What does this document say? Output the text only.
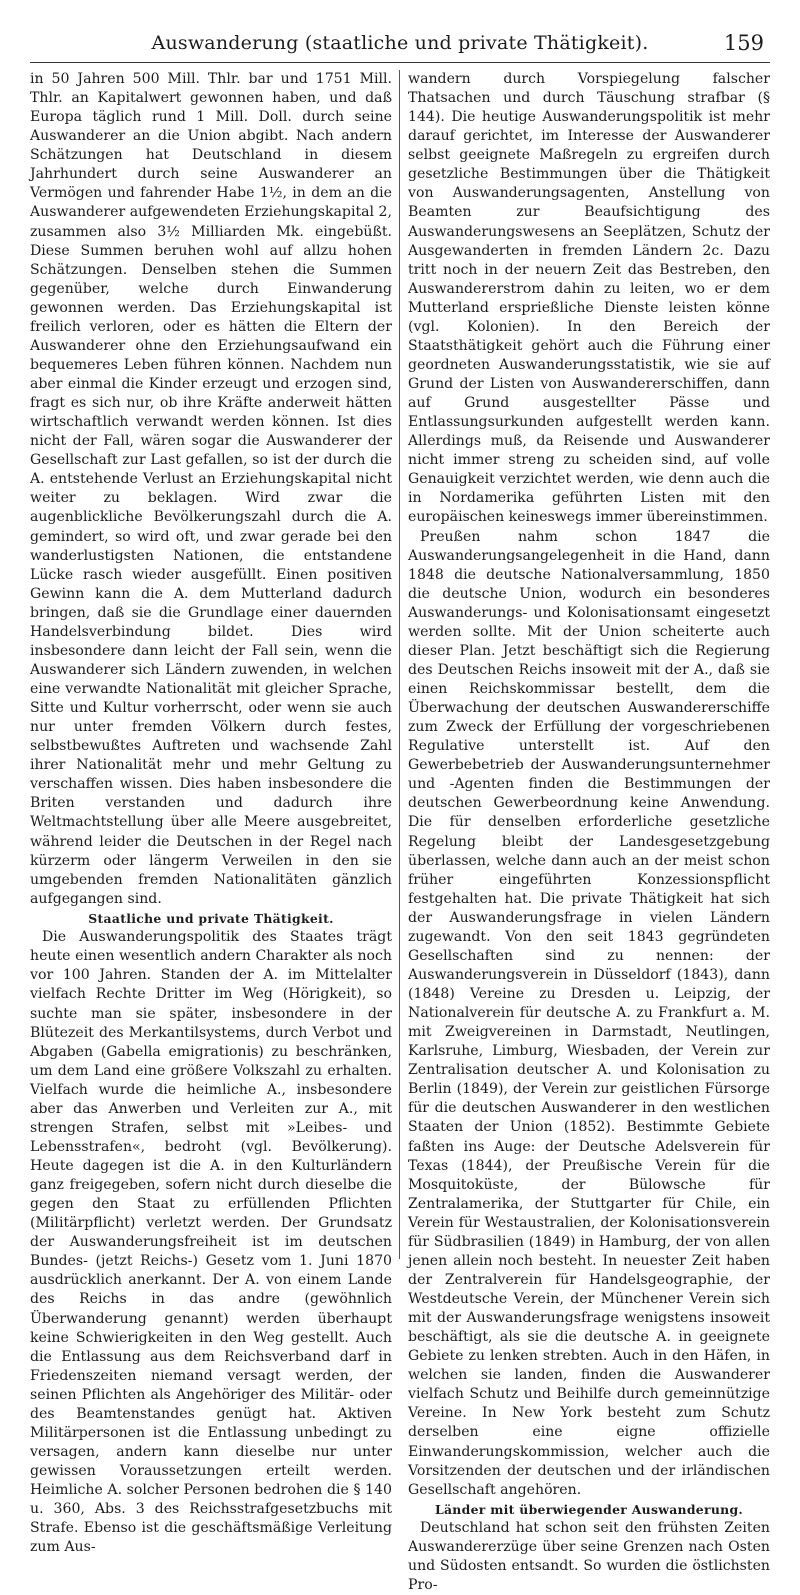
Auswanderung (staatliche und private Thätigkeit).	159

in 50 Jahren 500 Mill. Thlr. bar und 1751 Mill. Thlr. an Kapitalwert gewonnen haben, und daß Europa täglich rund 1 Mill. Doll. durch seine Auswanderer an die Union abgibt. Nach andern Schätzungen hat Deutschland in diesem Jahrhundert durch seine Auswanderer an Vermögen und fahrender Habe 1½, in dem an die Auswanderer aufgewendeten Erziehungskapital 2, zusammen also 3½ Milliarden Mk. eingebüßt. Diese Summen beruhen wohl auf allzu hohen Schätzungen. Denselben stehen die Summen gegenüber, welche durch Einwanderung gewonnen werden. Das Erziehungskapital ist freilich verloren, oder es hätten die Eltern der Auswanderer ohne den Erziehungsaufwand ein bequemeres Leben führen können. Nachdem nun aber einmal die Kinder erzeugt und erzogen sind, fragt es sich nur, ob ihre Kräfte anderweit hätten wirtschaftlich verwandt werden können. Ist dies nicht der Fall, wären sogar die Auswanderer der Gesellschaft zur Last gefallen, so ist der durch die A. entstehende Verlust an Erziehungskapital nicht weiter zu beklagen. Wird zwar die augenblickliche Bevölkerungszahl durch die A. gemindert, so wird oft, und zwar gerade bei den wanderlustigsten Nationen, die entstandene Lücke rasch wieder ausgefüllt. Einen positiven Gewinn kann die A. dem Mutterland dadurch bringen, daß sie die Grundlage einer dauernden Handelsverbindung bildet. Dies wird insbesondere dann leicht der Fall sein, wenn die Auswanderer sich Ländern zuwenden, in welchen eine verwandte Nationalität mit gleicher Sprache, Sitte und Kultur vorherrscht, oder wenn sie auch nur unter fremden Völkern durch festes, selbstbewußtes Auftreten und wachsende Zahl ihrer Nationalität mehr und mehr Geltung zu verschaffen wissen. Dies haben insbesondere die Briten verstanden und dadurch ihre Weltmachtstellung über alle Meere ausgebreitet, während leider die Deutschen in der Regel nach kürzerm oder längerm Verweilen in den sie umgebenden fremden Nationalitäten gänzlich aufgegangen sind.

Staatliche und private Thätigkeit.

Die Auswanderungspolitik des Staates trägt heute einen wesentlich andern Charakter als noch vor 100 Jahren. Standen der A. im Mittelalter vielfach Rechte Dritter im Weg (Hörigkeit), so suchte man sie später, insbesondere in der Blütezeit des Merkantilsystems, durch Verbot und Abgaben (Gabella emigrationis) zu beschränken, um dem Land eine größere Volkszahl zu erhalten. Vielfach wurde die heimliche A., insbesondere aber das Anwerben und Verleiten zur A., mit strengen Strafen, selbst mit »Leibes- und Lebensstrafen«, bedroht (vgl. Bevölkerung). Heute dagegen ist die A. in den Kulturländern ganz freigegeben, sofern nicht durch dieselbe die gegen den Staat zu erfüllenden Pflichten (Militärpflicht) verletzt werden. Der Grundsatz der Auswanderungsfreiheit ist im deutschen Bundes- (jetzt Reichs-) Gesetz vom 1. Juni 1870 ausdrücklich anerkannt. Der A. von einem Lande des Reichs in das andre (gewöhnlich Überwanderung genannt) werden überhaupt keine Schwierigkeiten in den Weg gestellt. Auch die Entlassung aus dem Reichsverband darf in Friedenszeiten niemand versagt werden, der seinen Pflichten als Angehöriger des Militär- oder des Beamtenstandes genügt hat. Aktiven Militärpersonen ist die Entlassung unbedingt zu versagen, andern kann dieselbe nur unter gewissen Voraussetzungen erteilt werden. Heimliche A. solcher Personen bedrohen die § 140 u. 360, Abs. 3 des Reichsstrafgesetzbuchs mit Strafe. Ebenso ist die geschäftsmäßige Verleitung zum Aus-

wandern durch Vorspiegelung falscher Thatsachen und durch Täuschung strafbar (§ 144). Die heutige Auswanderungspolitik ist mehr darauf gerichtet, im Interesse der Auswanderer selbst geeignete Maßregeln zu ergreifen durch gesetzliche Bestimmungen über die Thätigkeit von Auswanderungsagenten, Anstellung von Beamten zur Beaufsichtigung des Auswanderungswesens an Seeplätzen, Schutz der Ausgewanderten in fremden Ländern 2c. Dazu tritt noch in der neuern Zeit das Bestreben, den Auswandererstrom dahin zu leiten, wo er dem Mutterland ersprießliche Dienste leisten könne (vgl. Kolonien). In den Bereich der Staatsthätigkeit gehört auch die Führung einer geordneten Auswanderungsstatistik, wie sie auf Grund der Listen von Auswandererschiffen, dann auf Grund ausgestellter Pässe und Entlassungsurkunden aufgestellt werden kann. Allerdings muß, da Reisende und Auswanderer nicht immer streng zu scheiden sind, auf volle Genauigkeit verzichtet werden, wie denn auch die in Nordamerika geführten Listen mit den europäischen keineswegs immer übereinstimmen.

Preußen nahm schon 1847 die Auswanderungsangelegenheit in die Hand, dann 1848 die deutsche Nationalversammlung, 1850 die deutsche Union, wodurch ein besonderes Auswanderungs- und Kolonisationsamt eingesetzt werden sollte. Mit der Union scheiterte auch dieser Plan. Jetzt beschäftigt sich die Regierung des Deutschen Reichs insoweit mit der A., daß sie einen Reichskommissar bestellt, dem die Überwachung der deutschen Auswandererschiffe zum Zweck der Erfüllung der vorgeschriebenen Regulative unterstellt ist. Auf den Gewerbebetrieb der Auswanderungsunternehmer und -Agenten finden die Bestimmungen der deutschen Gewerbeordnung keine Anwendung. Die für denselben erforderliche gesetzliche Regelung bleibt der Landesgesetzgebung überlassen, welche dann auch an der meist schon früher eingeführten Konzessionspflicht festgehalten hat. Die private Thätigkeit hat sich der Auswanderungsfrage in vielen Ländern zugewandt. Von den seit 1843 gegründeten Gesellschaften sind zu nennen: der Auswanderungsverein in Düsseldorf (1843), dann (1848) Vereine zu Dresden u. Leipzig, der Nationalverein für deutsche A. zu Frankfurt a. M. mit Zweigvereinen in Darmstadt, Neutlingen, Karlsruhe, Limburg, Wiesbaden, der Verein zur Zentralisation deutscher A. und Kolonisation zu Berlin (1849), der Verein zur geistlichen Fürsorge für die deutschen Auswanderer in den westlichen Staaten der Union (1852). Bestimmte Gebiete faßten ins Auge: der Deutsche Adelsverein für Texas (1844), der Preußische Verein für die Mosquitoküste, der Bülowsche für Zentralamerika, der Stuttgarter für Chile, ein Verein für Westaustralien, der Kolonisationsverein für Südbrasilien (1849) in Hamburg, der von allen jenen allein noch besteht. In neuester Zeit haben der Zentralverein für Handelsgeographie, der Westdeutsche Verein, der Münchener Verein sich mit der Auswanderungsfrage wenigstens insoweit beschäftigt, als sie die deutsche A. in geeignete Gebiete zu lenken strebten. Auch in den Häfen, in welchen sie landen, finden die Auswanderer vielfach Schutz und Beihilfe durch gemeinnützige Vereine. In New York besteht zum Schutz derselben eine eigne offizielle Einwanderungskommission, welcher auch die Vorsitzenden der deutschen und der irländischen Gesellschaft angehören.

Länder mit überwiegender Auswanderung.

Deutschland hat schon seit den frühsten Zeiten Auswandererzüge über seine Grenzen nach Osten und Südosten entsandt. So wurden die östlichsten Pro-
